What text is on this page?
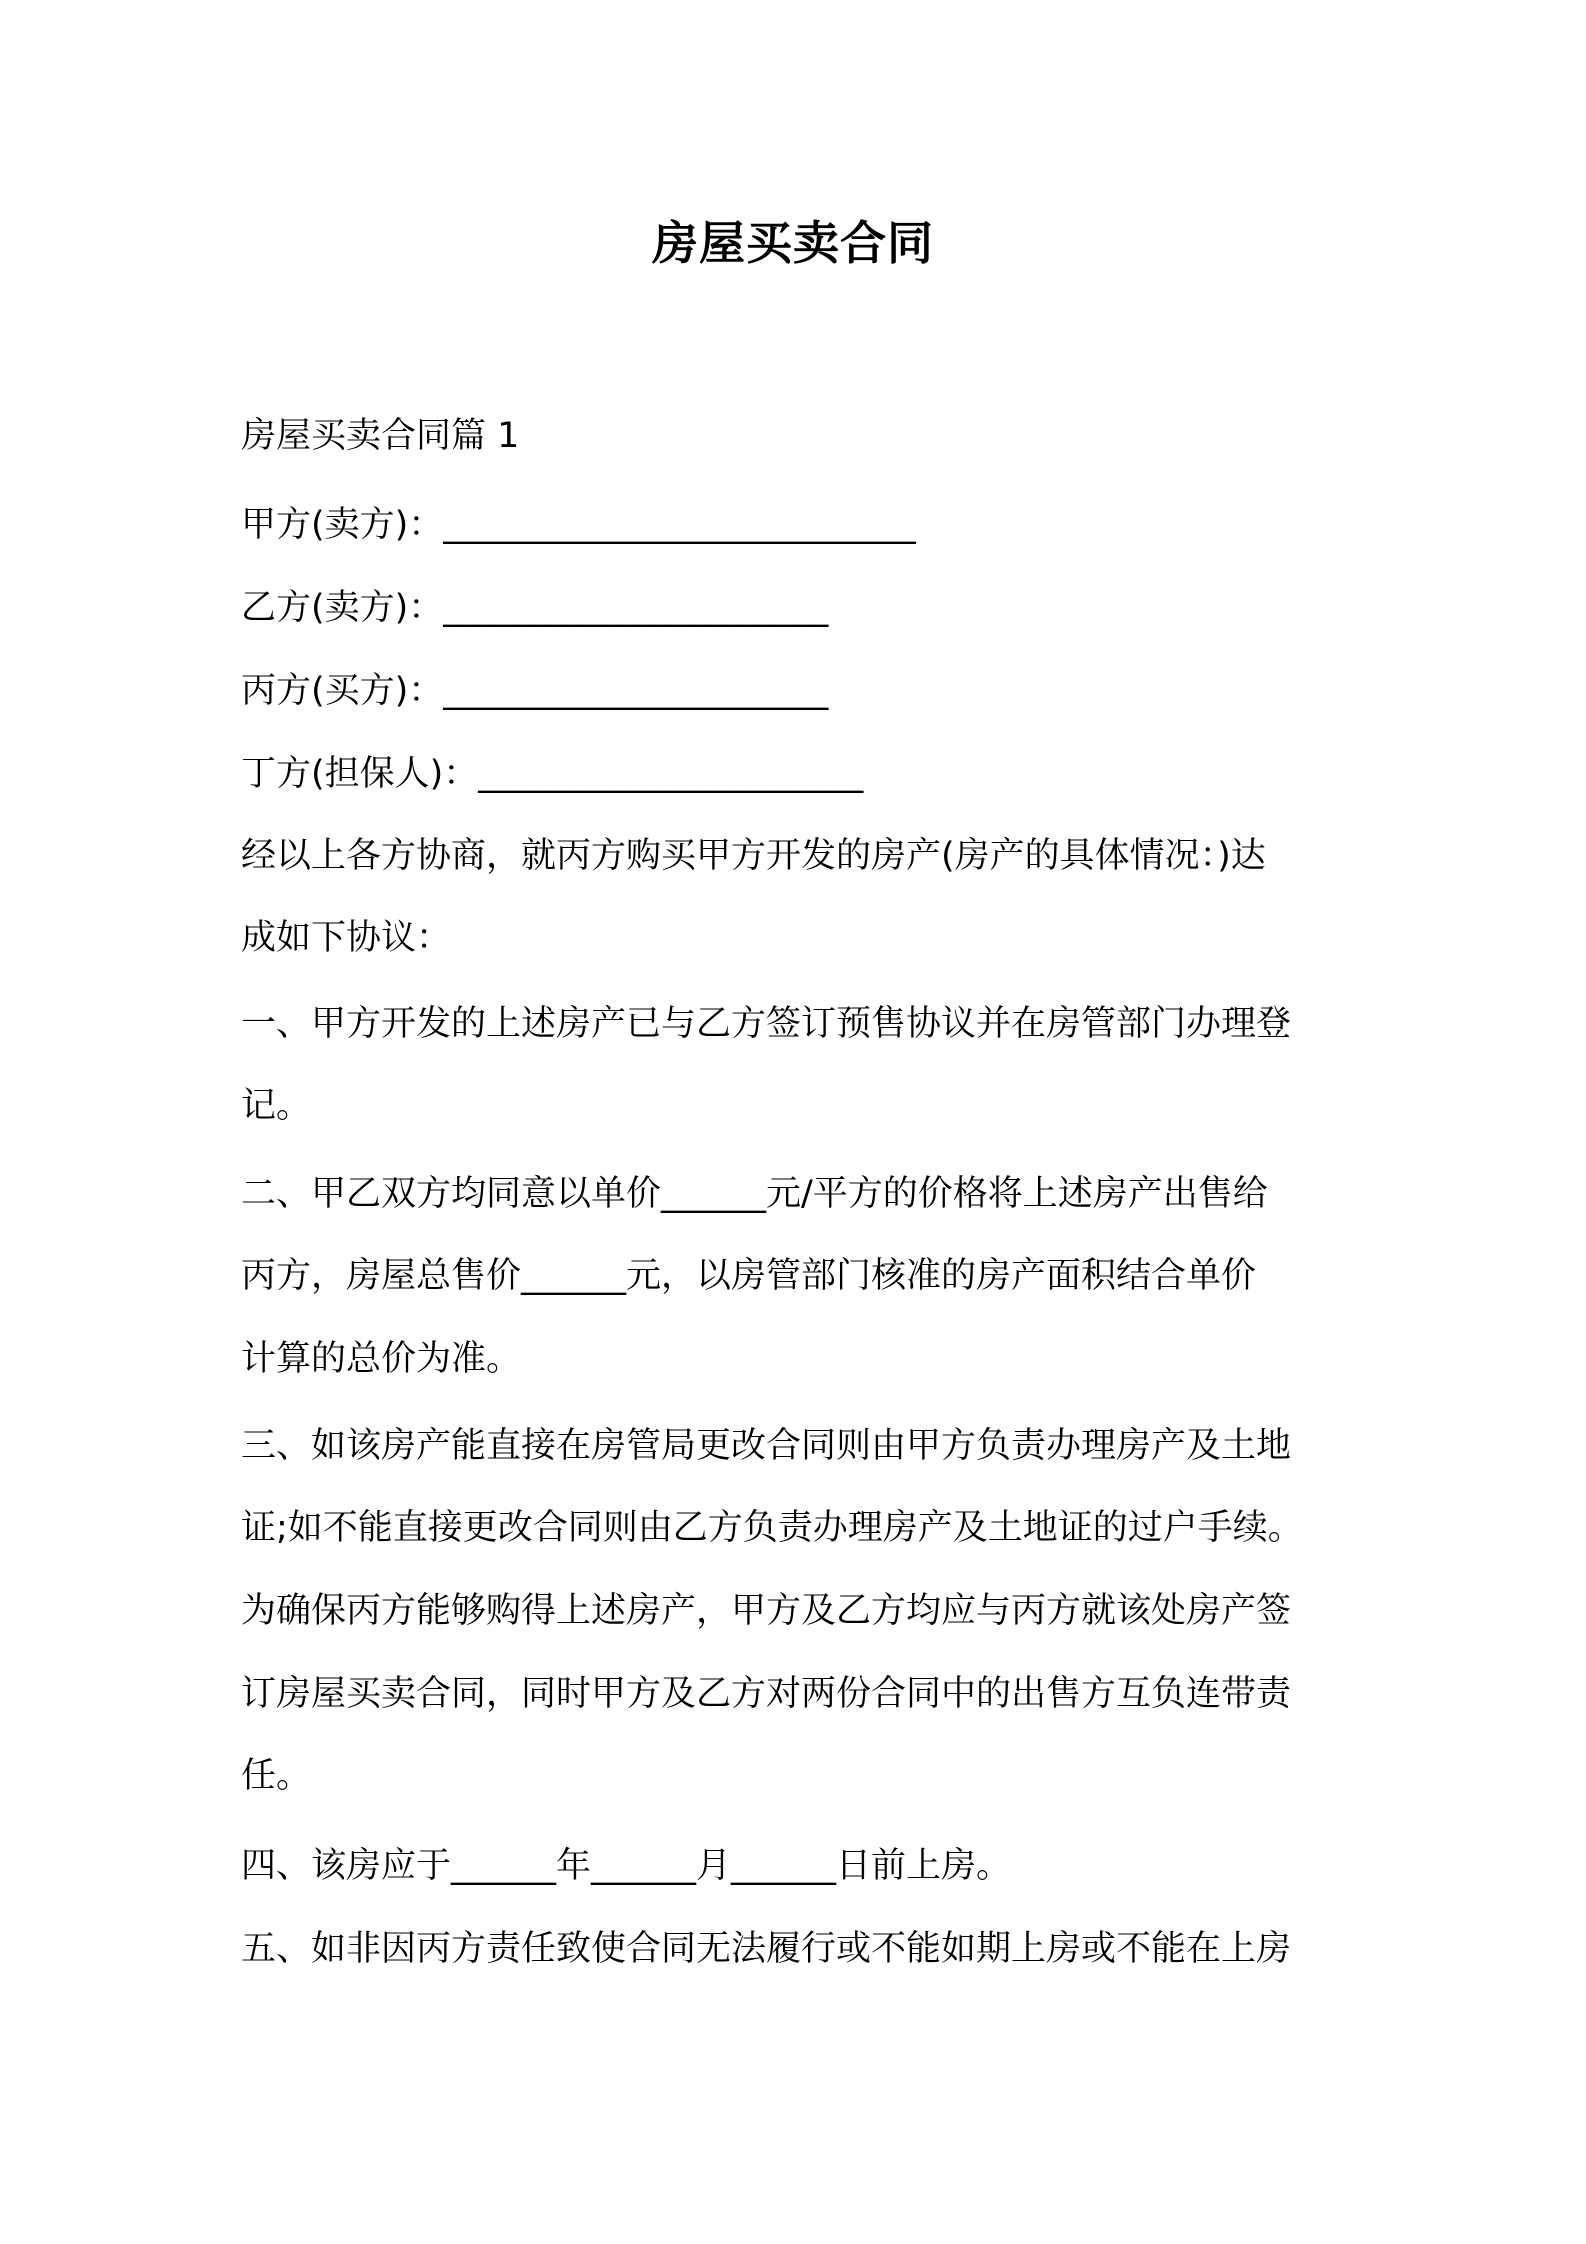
房屋买卖合同
房屋买卖合同篇 1
甲方(卖方)：___________________________
乙方(卖方)：______________________
丙方(买方)：______________________
丁方(担保人)：______________________
经以上各方协商，就丙方购买甲方开发的房产(房产的具体情况：)达
成如下协议：
一、甲方开发的上述房产已与乙方签订预售协议并在房管部门办理登
记。
二、甲乙双方均同意以单价______元/平方的价格将上述房产出售给
丙方，房屋总售价______元，以房管部门核准的房产面积结合单价
计算的总价为准。
三、如该房产能直接在房管局更改合同则由甲方负责办理房产及土地
证;如不能直接更改合同则由乙方负责办理房产及土地证的过户手续。
为确保丙方能够购得上述房产，甲方及乙方均应与丙方就该处房产签
订房屋买卖合同，同时甲方及乙方对两份合同中的出售方互负连带责
任。
四、该房应于______年______月______日前上房。
五、如非因丙方责任致使合同无法履行或不能如期上房或不能在上房
